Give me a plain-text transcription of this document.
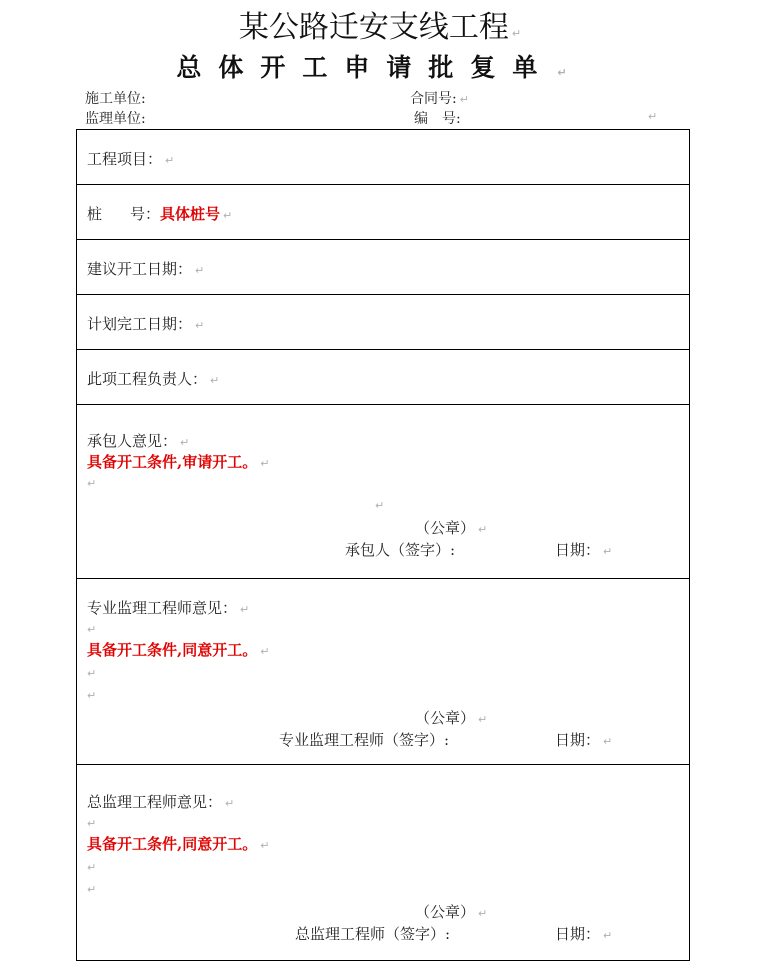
某公路迁安支线工程 ↵
总体开工申请批复单 ↵
施工单位:	合同号: ↵
监理单位:	编　号:	↵
工程项目： ↵
桩 号：具体桩号 ↵
建议开工日期： ↵
计划完工日期： ↵
此项工程负责人： ↵
承包人意见： ↵
具备开工条件,审请开工。 ↵
↵
↵
（公章） ↵
承包人（签字）:	日期： ↵
专业监理工程师意见： ↵
↵
具备开工条件,同意开工。 ↵
↵
↵
（公章） ↵
专业监理工程师（签字）:	日期： ↵
总监理工程师意见： ↵
↵
具备开工条件,同意开工。 ↵
↵
↵
（公章） ↵
总监理工程师（签字）:	日期： ↵
